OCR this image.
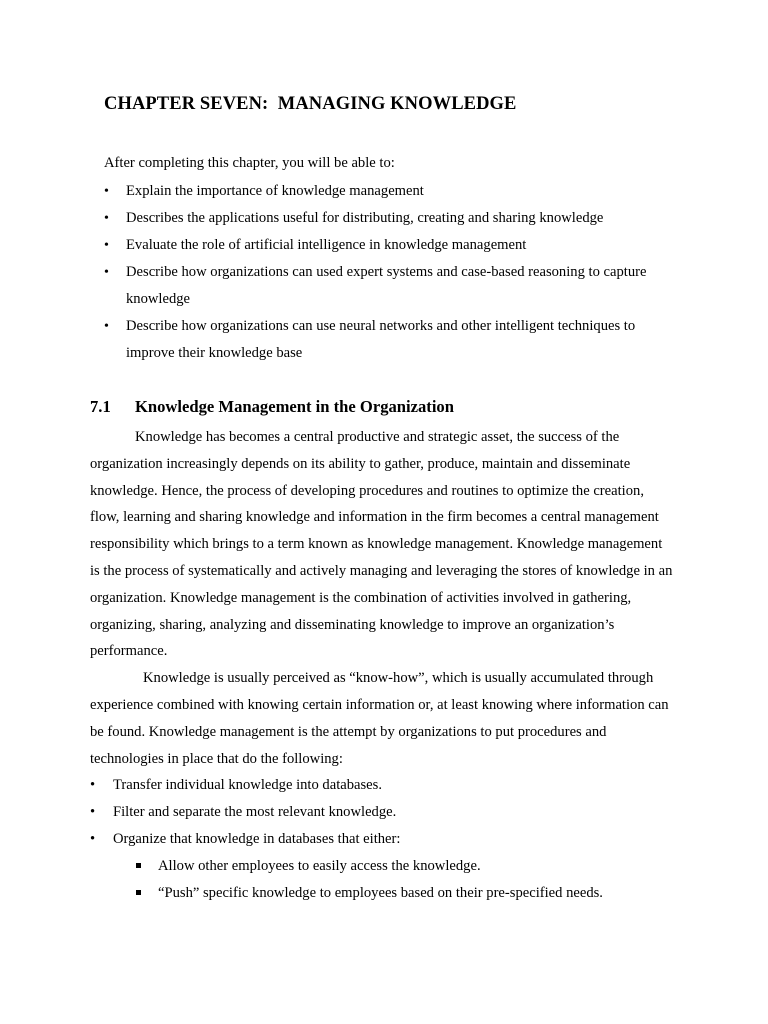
CHAPTER SEVEN:  MANAGING KNOWLEDGE

After completing this chapter, you will be able to:

• Explain the importance of knowledge management
• Describes the applications useful for distributing, creating and sharing knowledge
• Evaluate the role of artificial intelligence in knowledge management
• Describe how organizations can used expert systems and case-based reasoning to capture knowledge
• Describe how organizations can use neural networks and other intelligent techniques to improve their knowledge base
7.1 Knowledge Management in the Organization

Knowledge has becomes a central productive and strategic asset, the success of the organization increasingly depends on its ability to gather, produce, maintain and disseminate knowledge. Hence, the process of developing procedures and routines to optimize the creation, flow, learning and sharing knowledge and information in the firm becomes a central management responsibility which brings to a term known as knowledge management. Knowledge management is the process of systematically and actively managing and leveraging the stores of knowledge in an organization. Knowledge management is the combination of activities involved in gathering, organizing, sharing, analyzing and disseminating knowledge to improve an organization’s performance.

Knowledge is usually perceived as “know-how”, which is usually accumulated through experience combined with knowing certain information or, at least knowing where information can be found. Knowledge management is the attempt by organizations to put procedures and technologies in place that do the following:

• Transfer individual knowledge into databases.
• Filter and separate the most relevant knowledge.
• Organize that knowledge in databases that either:
Allow other employees to easily access the knowledge.
“Push” specific knowledge to employees based on their pre-specified needs.
